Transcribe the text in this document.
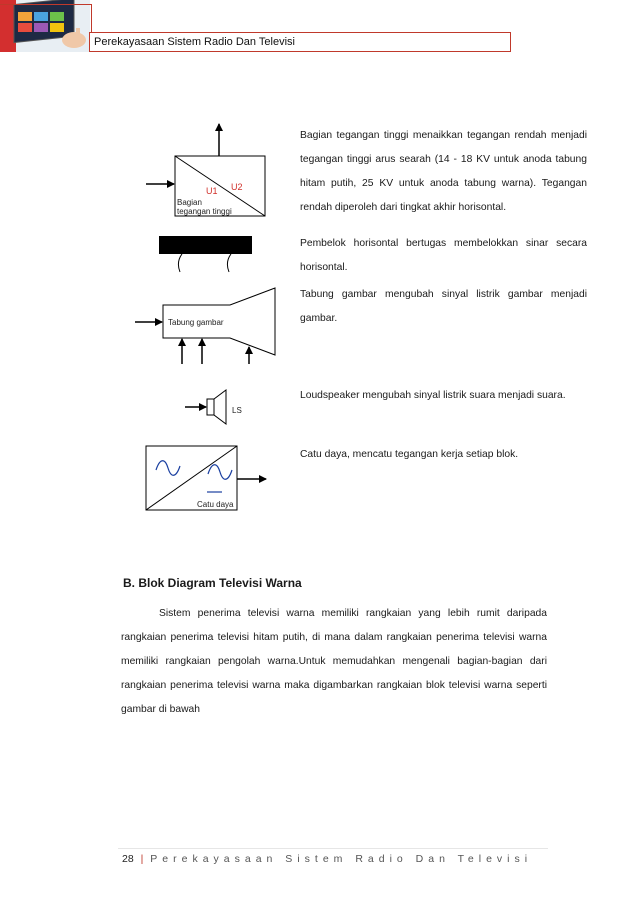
Perekayasaan Sistem Radio Dan Televisi
U1 U2
Bagian
tegangan tinggi
Tabung gambar
LS
Catu daya
Bagian tegangan tinggi menaikkan tegangan rendah menjadi tegangan tinggi arus searah (14 - 18 KV untuk anoda tabung hitam putih, 25 KV untuk anoda tabung warna). Tegangan rendah diperoleh dari tingkat akhir horisontal.
Pembelok horisontal bertugas membelokkan sinar secara horisontal.
Tabung gambar mengubah sinyal listrik gambar menjadi gambar.
Loudspeaker mengubah sinyal listrik suara menjadi suara.
Catu daya, mencatu tegangan kerja setiap blok.
B. Blok Diagram Televisi Warna
Sistem penerima televisi warna memiliki rangkaian yang lebih rumit daripada rangkaian penerima televisi hitam putih, di mana dalam rangkaian penerima televisi warna memiliki rangkaian pengolah warna.Untuk memudahkan mengenali bagian-bagian dari rangkaian penerima televisi warna maka digambarkan rangkaian blok televisi warna seperti gambar di bawah
28 | Perekayasaan Sistem Radio Dan Televisi
